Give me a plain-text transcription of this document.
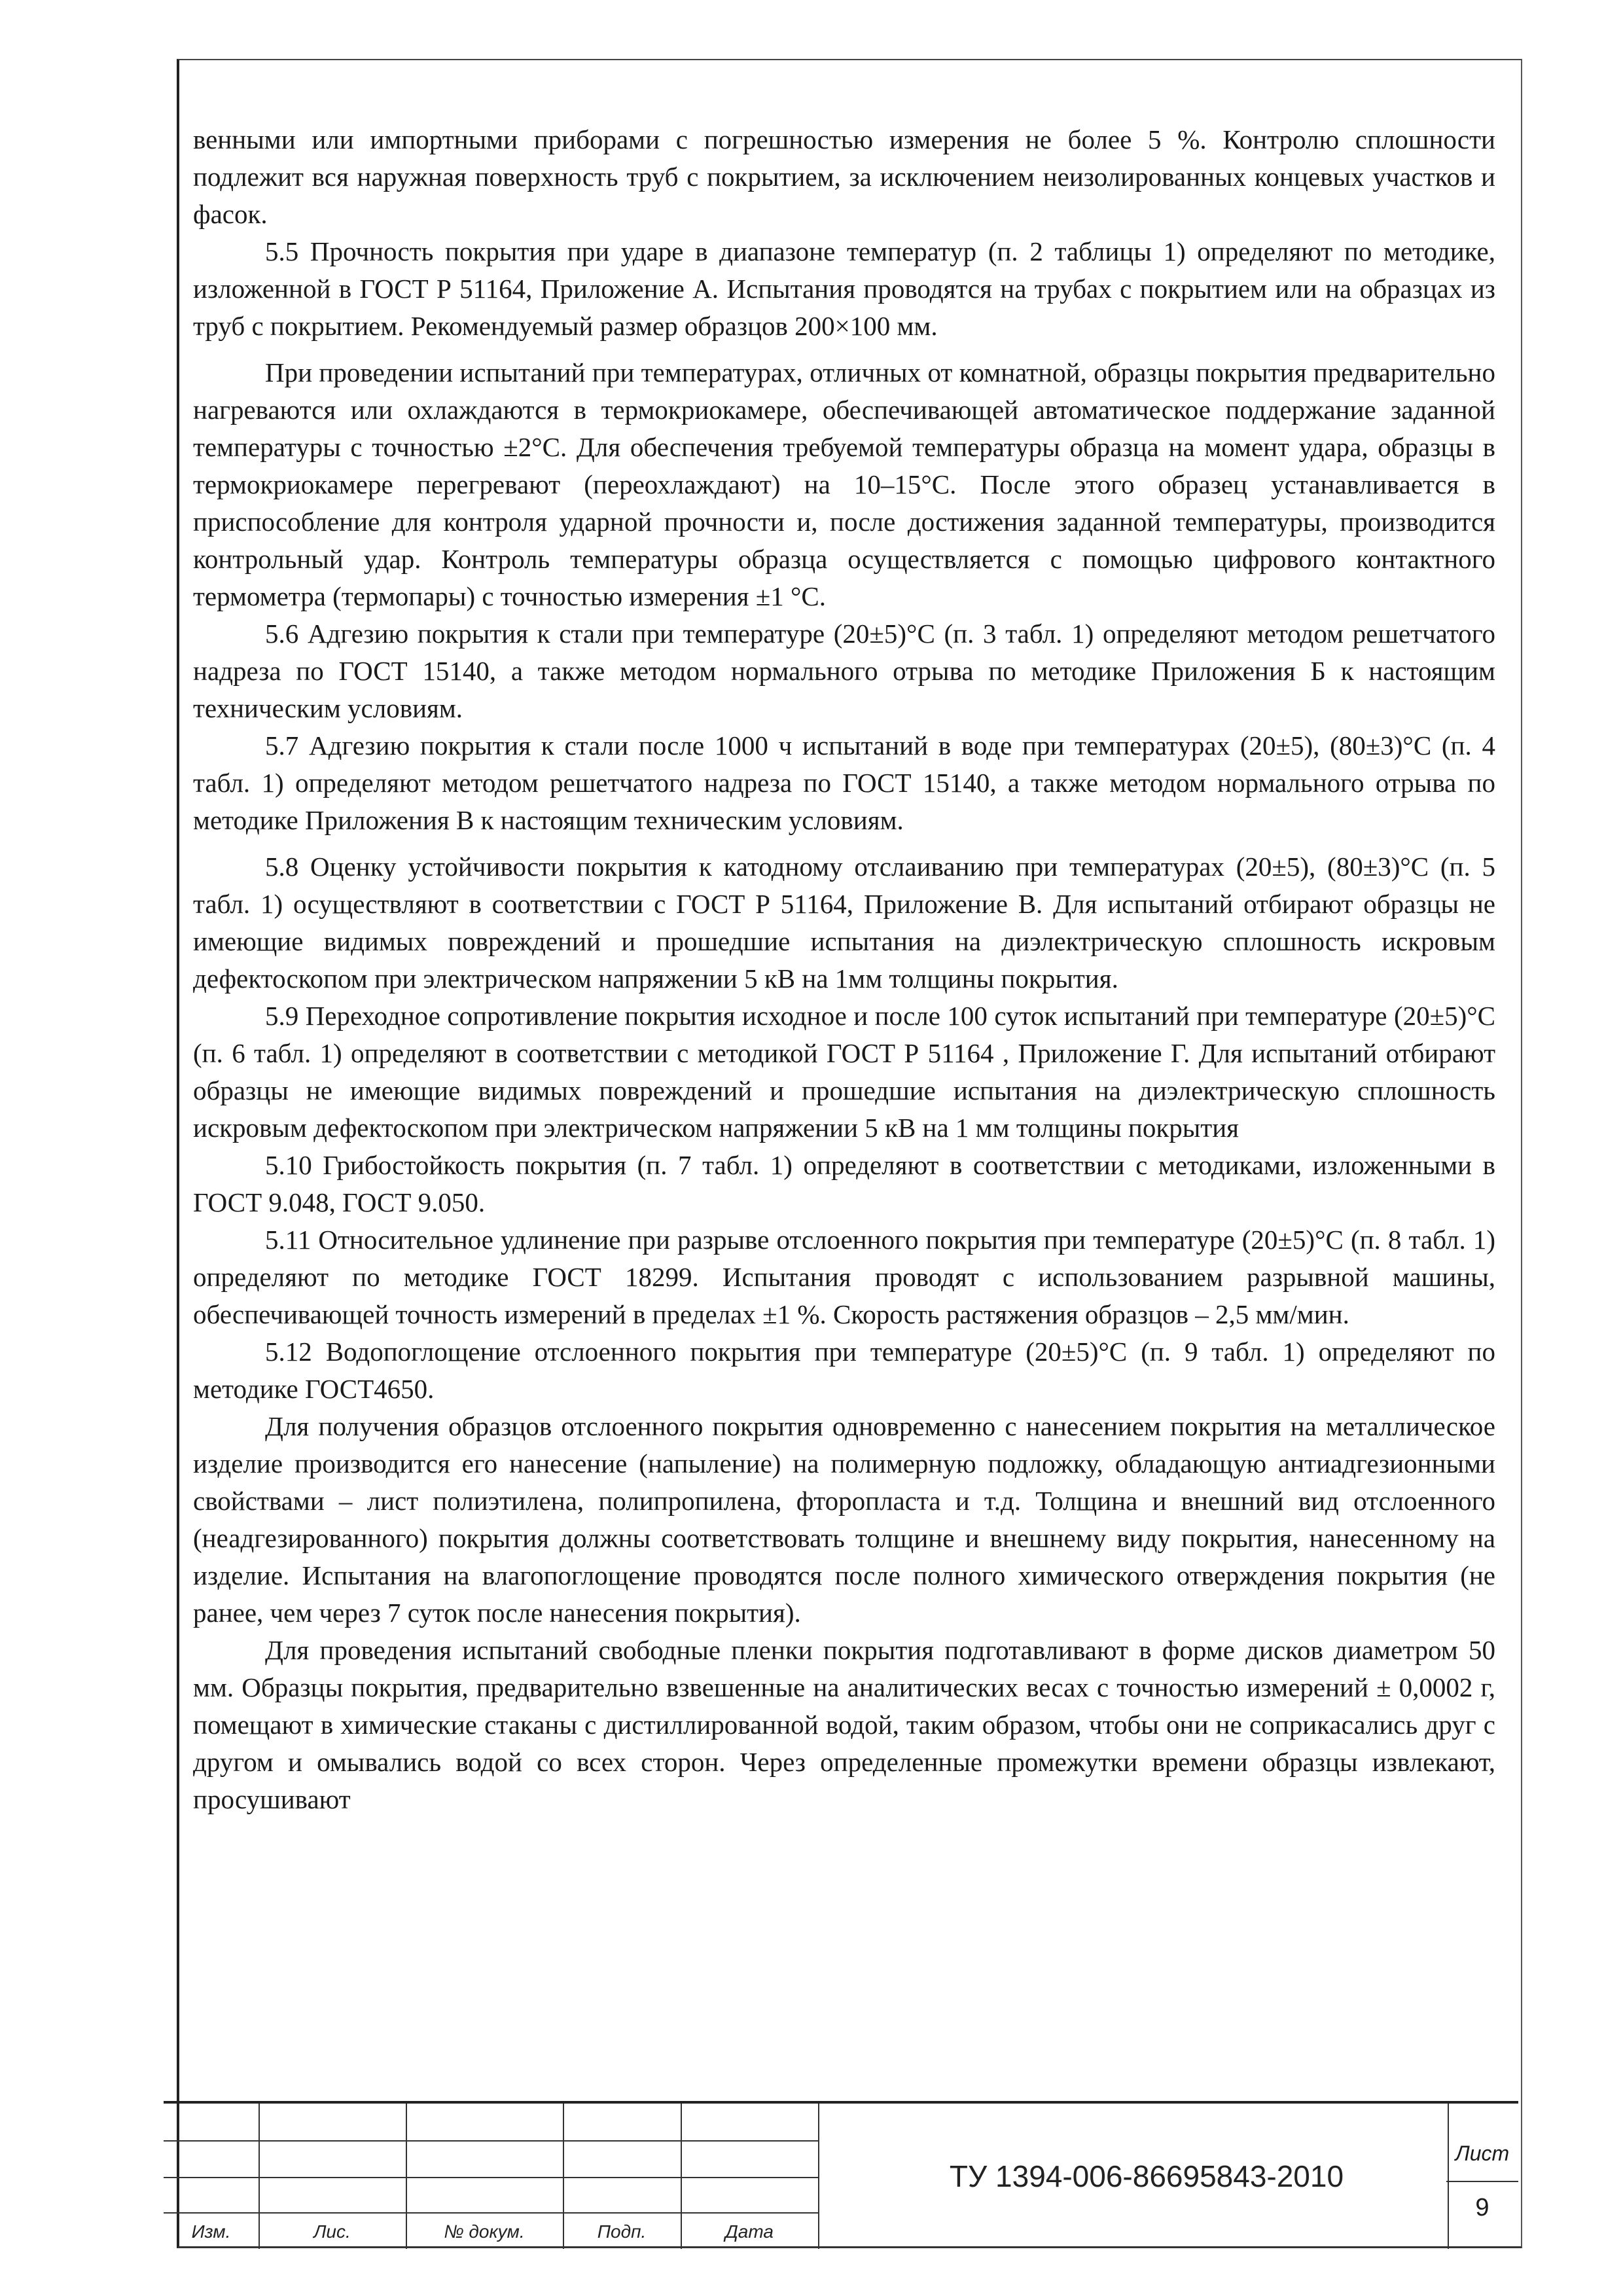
венными или импортными приборами с погрешностью измерения не более 5 %. Контролю сплошности подлежит вся наружная поверхность труб с покрытием, за исключением неизолированных концевых участков и фасок.

5.5 Прочность покрытия при ударе в диапазоне температур (п. 2 таблицы 1) определяют по методике, изложенной в ГОСТ Р 51164, Приложение А. Испытания проводятся на трубах с покрытием или на образцах из труб с покрытием. Рекомендуемый размер образцов 200×100 мм.

При проведении испытаний при температурах, отличных от комнатной, образцы покрытия предварительно нагреваются или охлаждаются в термокриокамере, обеспечивающей автоматическое поддержание заданной температуры с точностью ±2°С. Для обеспечения требуемой температуры образца на момент удара, образцы в термокриокамере перегревают (переохлаждают) на 10–15°С. После этого образец устанавливается в приспособление для контроля ударной прочности и, после достижения заданной температуры, производится контрольный удар. Контроль температуры образца осуществляется с помощью цифрового контактного термометра (термопары) с точностью измерения ±1 °С.

5.6 Адгезию покрытия к стали при температуре (20±5)°С (п. 3 табл. 1) определяют методом решетчатого надреза по ГОСТ 15140, а также методом нормального отрыва по методике Приложения Б к настоящим техническим условиям.

5.7 Адгезию покрытия к стали после 1000 ч испытаний в воде при температурах (20±5), (80±3)°С (п. 4 табл. 1) определяют методом решетчатого надреза по ГОСТ 15140, а также методом нормального отрыва по методике Приложения В к настоящим техническим условиям.

5.8 Оценку устойчивости покрытия к катодному отслаиванию при температурах (20±5), (80±3)°С (п. 5 табл. 1) осуществляют в соответствии с ГОСТ Р 51164, Приложение В. Для испытаний отбирают образцы не имеющие видимых повреждений и прошедшие испытания на диэлектрическую сплошность искровым дефектоскопом при электрическом напряжении 5 кВ на 1мм толщины покрытия.

5.9 Переходное сопротивление покрытия исходное и после 100 суток испытаний при температуре (20±5)°С (п. 6 табл. 1) определяют в соответствии с методикой ГОСТ Р 51164 , Приложение Г. Для испытаний отбирают образцы не имеющие видимых повреждений и прошедшие испытания на диэлектрическую сплошность искровым дефектоскопом при электрическом напряжении 5 кВ на 1 мм толщины покрытия

5.10 Грибостойкость покрытия (п. 7 табл. 1) определяют в соответствии с методиками, изложенными в ГОСТ 9.048, ГОСТ 9.050.

5.11 Относительное удлинение при разрыве отслоенного покрытия при температуре (20±5)°С (п. 8 табл. 1) определяют по методике ГОСТ 18299. Испытания проводят с использованием разрывной машины, обеспечивающей точность измерений в пределах ±1 %. Скорость растяжения образцов – 2,5 мм/мин.

5.12 Водопоглощение отслоенного покрытия при температуре (20±5)°С (п. 9 табл. 1) определяют по методике ГОСТ4650.

Для получения образцов отслоенного покрытия одновременно с нанесением покрытия на металлическое изделие производится его нанесение (напыление) на полимерную подложку, обладающую антиадгезионными свойствами – лист полиэтилена, полипропилена, фторопласта и т.д. Толщина и внешний вид отслоенного (неадгезированного) покрытия должны соответствовать толщине и внешнему виду покрытия, нанесенному на изделие. Испытания на влагопоглощение проводятся после полного химического отверждения покрытия (не ранее, чем через 7 суток после нанесения покрытия).

Для проведения испытаний свободные пленки покрытия подготавливают в форме дисков диаметром 50 мм. Образцы покрытия, предварительно взвешенные на аналитических весах с точностью измерений ± 0,0002 г, помещают в химические стаканы с дистиллированной водой, таким образом, чтобы они не соприкасались друг с другом и омывались водой со всех сторон. Через определенные промежутки времени образцы извлекают, просушивают

Изм.	Лис.	№ докум.	Подп.	Дата
ТУ 1394-006-86695843-2010
Лист
9
